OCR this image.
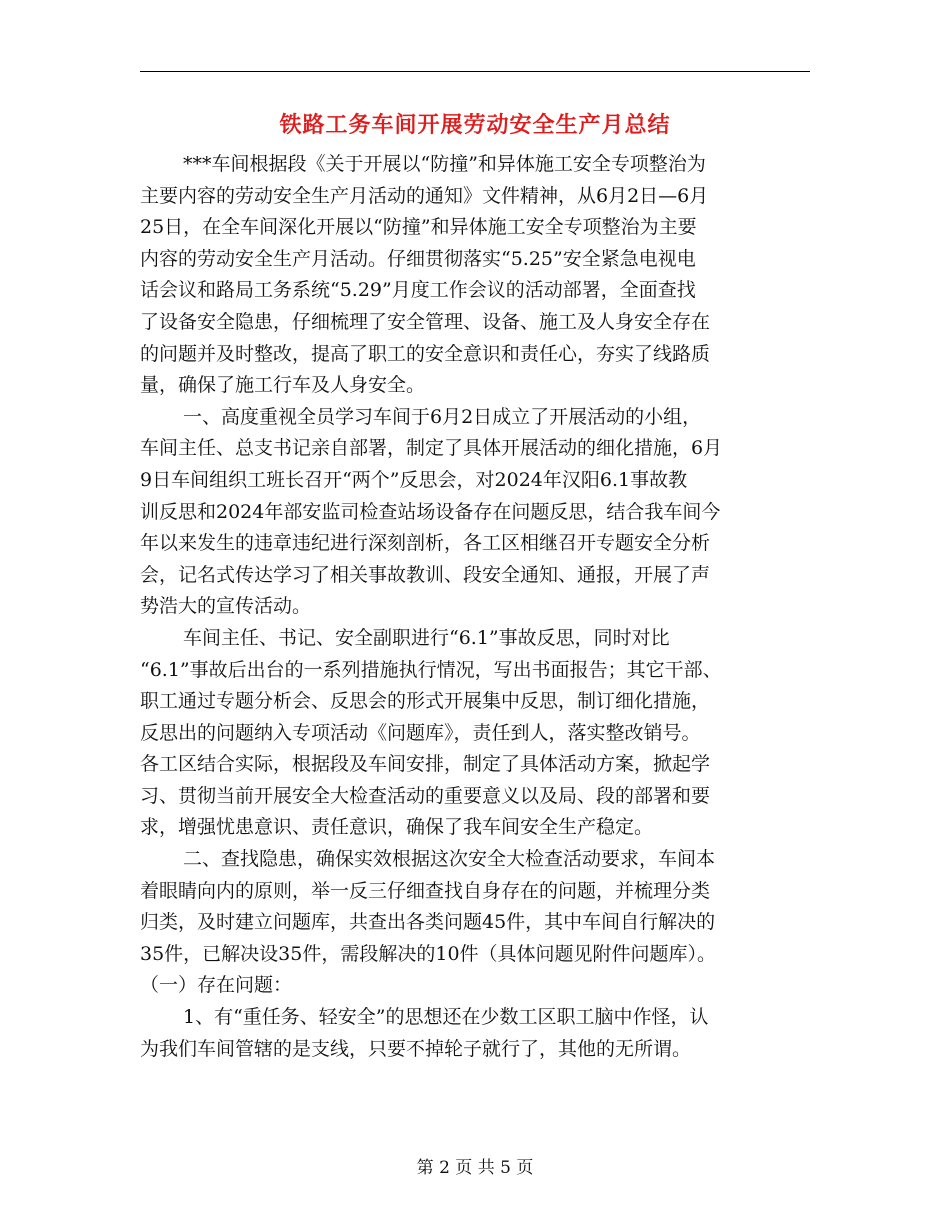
铁路工务车间开展劳动安全生产月总结
***车间根据段《关于开展以“防撞”和异体施工安全专项整治为
主要内容的劳动安全生产月活动的通知》文件精神，从6月2日—6月
25日，在全车间深化开展以“防撞”和异体施工安全专项整治为主要
内容的劳动安全生产月活动。仔细贯彻落实“5.25”安全紧急电视电
话会议和路局工务系统“5.29”月度工作会议的活动部署，全面查找
了设备安全隐患，仔细梳理了安全管理、设备、施工及人身安全存在
的问题并及时整改，提高了职工的安全意识和责任心，夯实了线路质
量，确保了施工行车及人身安全。
一、高度重视全员学习车间于6月2日成立了开展活动的小组，
车间主任、总支书记亲自部署，制定了具体开展活动的细化措施，6月
9日车间组织工班长召开“两个”反思会，对2024年汉阳6.1事故教
训反思和2024年部安监司检查站场设备存在问题反思，结合我车间今
年以来发生的违章违纪进行深刻剖析，各工区相继召开专题安全分析
会，记名式传达学习了相关事故教训、段安全通知、通报，开展了声
势浩大的宣传活动。
车间主任、书记、安全副职进行“6.1”事故反思，同时对比
“6.1”事故后出台的一系列措施执行情况，写出书面报告；其它干部、
职工通过专题分析会、反思会的形式开展集中反思，制订细化措施，
反思出的问题纳入专项活动《问题库》，责任到人，落实整改销号。
各工区结合实际，根据段及车间安排，制定了具体活动方案，掀起学
习、贯彻当前开展安全大检查活动的重要意义以及局、段的部署和要
求，增强忧患意识、责任意识，确保了我车间安全生产稳定。
二、查找隐患，确保实效根据这次安全大检查活动要求，车间本
着眼睛向内的原则，举一反三仔细查找自身存在的问题，并梳理分类
归类，及时建立问题库，共查出各类问题45件，其中车间自行解决的
35件，已解决设35件，需段解决的10件（具体问题见附件问题库）。
（一）存在问题：
1、有“重任务、轻安全”的思想还在少数工区职工脑中作怪，认
为我们车间管辖的是支线，只要不掉轮子就行了，其他的无所谓。
第 2 页 共 5 页
